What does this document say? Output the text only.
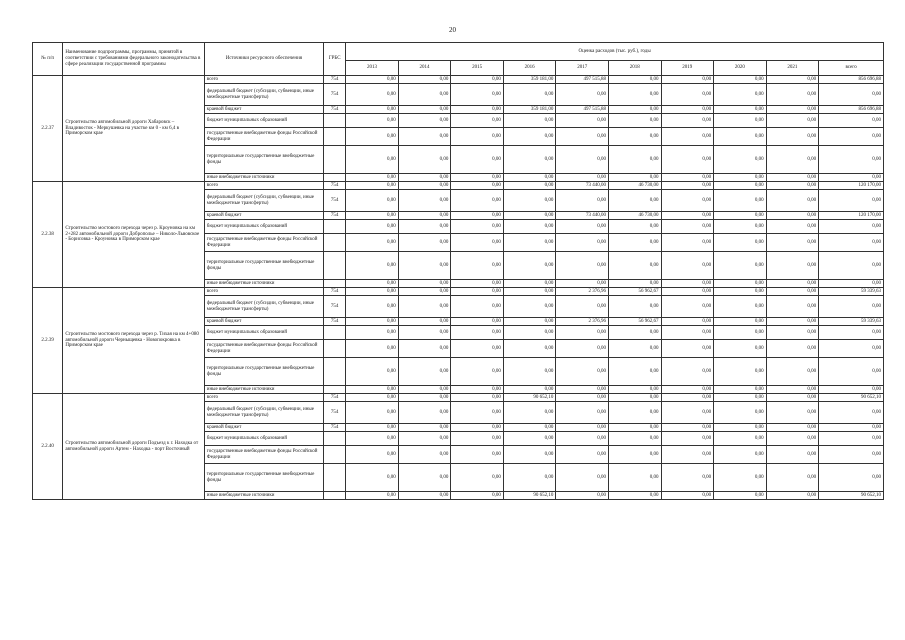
20
№ п/п	Наименование подпрограммы, программы, принятой в соответствии с требованиями федерального законодательства в сфере реализации государственной программы	Источники ресурсного обеспечения	ГРБС	Оценка расходов (тыс. руб.), годы									
				2013	2014	2015	2016	2017	2018	2019	2020	2021	всего
2.2.37	Строительство автомобильной дороги Хабаровск – Владивосток - Меркушевка на участке км 0 - км 6,4 в Приморском крае	всего	754	0,00	0,00	0,00	359 181,00	497 515,88	0,00	0,00	0,00	0,00	856 696,88
		федеральный бюджет (субсидии, субвенции, иные межбюджетные трансферты)	754	0,00	0,00	0,00	0,00	0,00	0,00	0,00	0,00	0,00	0,00
		краевой бюджет	754	0,00	0,00	0,00	359 181,00	497 515,88	0,00	0,00	0,00	0,00	856 696,88
		бюджет муниципальных образований		0,00	0,00	0,00	0,00	0,00	0,00	0,00	0,00	0,00	0,00
		государственные внебюджетные фонды Российской Федерации		0,00	0,00	0,00	0,00	0,00	0,00	0,00	0,00	0,00	0,00
		территориальные государственные внебюджетные фонды		0,00	0,00	0,00	0,00	0,00	0,00	0,00	0,00	0,00	0,00
		иные внебюджетные источники		0,00	0,00	0,00	0,00	0,00	0,00	0,00	0,00	0,00	0,00
2.2.38	Строительство мостового перехода через р. Кроуновка на км 2+282 автомобильной дороги Доброполье – Николо-Львовское - Борисовка - Кроуновка в Приморском крае	всего	754	0,00	0,00	0,00	0,00	73 440,00	46 730,00	0,00	0,00	0,00	120 170,00
		федеральный бюджет (субсидии, субвенции, иные межбюджетные трансферты)	754	0,00	0,00	0,00	0,00	0,00	0,00	0,00	0,00	0,00	0,00
		краевой бюджет	754	0,00	0,00	0,00	0,00	73 440,00	46 730,00	0,00	0,00	0,00	120 170,00
		бюджет муниципальных образований		0,00	0,00	0,00	0,00	0,00	0,00	0,00	0,00	0,00	0,00
		государственные внебюджетные фонды Российской Федерации		0,00	0,00	0,00	0,00	0,00	0,00	0,00	0,00	0,00	0,00
		территориальные государственные внебюджетные фонды		0,00	0,00	0,00	0,00	0,00	0,00	0,00	0,00	0,00	0,00
		иные внебюджетные источники		0,00	0,00	0,00	0,00	0,00	0,00	0,00	0,00	0,00	0,00
2.2.39	Строительство мостового перехода через р. Тихая на км 4+080 автомобильной дороги Черныщевка - Новопокровка в Приморском крае	всего	754	0,00	0,00	0,00	0,00	2 376,96	56 962,67	0,00	0,00	0,00	59 339,63
		федеральный бюджет (субсидии, субвенции, иные межбюджетные трансферты)	754	0,00	0,00	0,00	0,00	0,00	0,00	0,00	0,00	0,00	0,00
		краевой бюджет	754	0,00	0,00	0,00	0,00	2 376,96	56 962,67	0,00	0,00	0,00	59 339,63
		бюджет муниципальных образований		0,00	0,00	0,00	0,00	0,00	0,00	0,00	0,00	0,00	0,00
		государственные внебюджетные фонды Российской Федерации		0,00	0,00	0,00	0,00	0,00	0,00	0,00	0,00	0,00	0,00
		территориальные государственные внебюджетные фонды		0,00	0,00	0,00	0,00	0,00	0,00	0,00	0,00	0,00	0,00
		иные внебюджетные источники		0,00	0,00	0,00	0,00	0,00	0,00	0,00	0,00	0,00	0,00
2.2.40	Строительство автомобильной дороги Подъезд к г. Находка от автомобильной дороги Артем - Находка - порт Восточный	всего	754	0,00	0,00	0,00	90 652,10	0,00	0,00	0,00	0,00	0,00	90 652,10
		федеральный бюджет (субсидии, субвенции, иные межбюджетные трансферты)	754	0,00	0,00	0,00	0,00	0,00	0,00	0,00	0,00	0,00	0,00
		краевой бюджет	754	0,00	0,00	0,00	0,00	0,00	0,00	0,00	0,00	0,00	0,00
		бюджет муниципальных образований		0,00	0,00	0,00	0,00	0,00	0,00	0,00	0,00	0,00	0,00
		государственные внебюджетные фонды Российской Федерации		0,00	0,00	0,00	0,00	0,00	0,00	0,00	0,00	0,00	0,00
		территориальные государственные внебюджетные фонды		0,00	0,00	0,00	0,00	0,00	0,00	0,00	0,00	0,00	0,00
		иные внебюджетные источники		0,00	0,00	0,00	90 652,10	0,00	0,00	0,00	0,00	0,00	90 652,10
